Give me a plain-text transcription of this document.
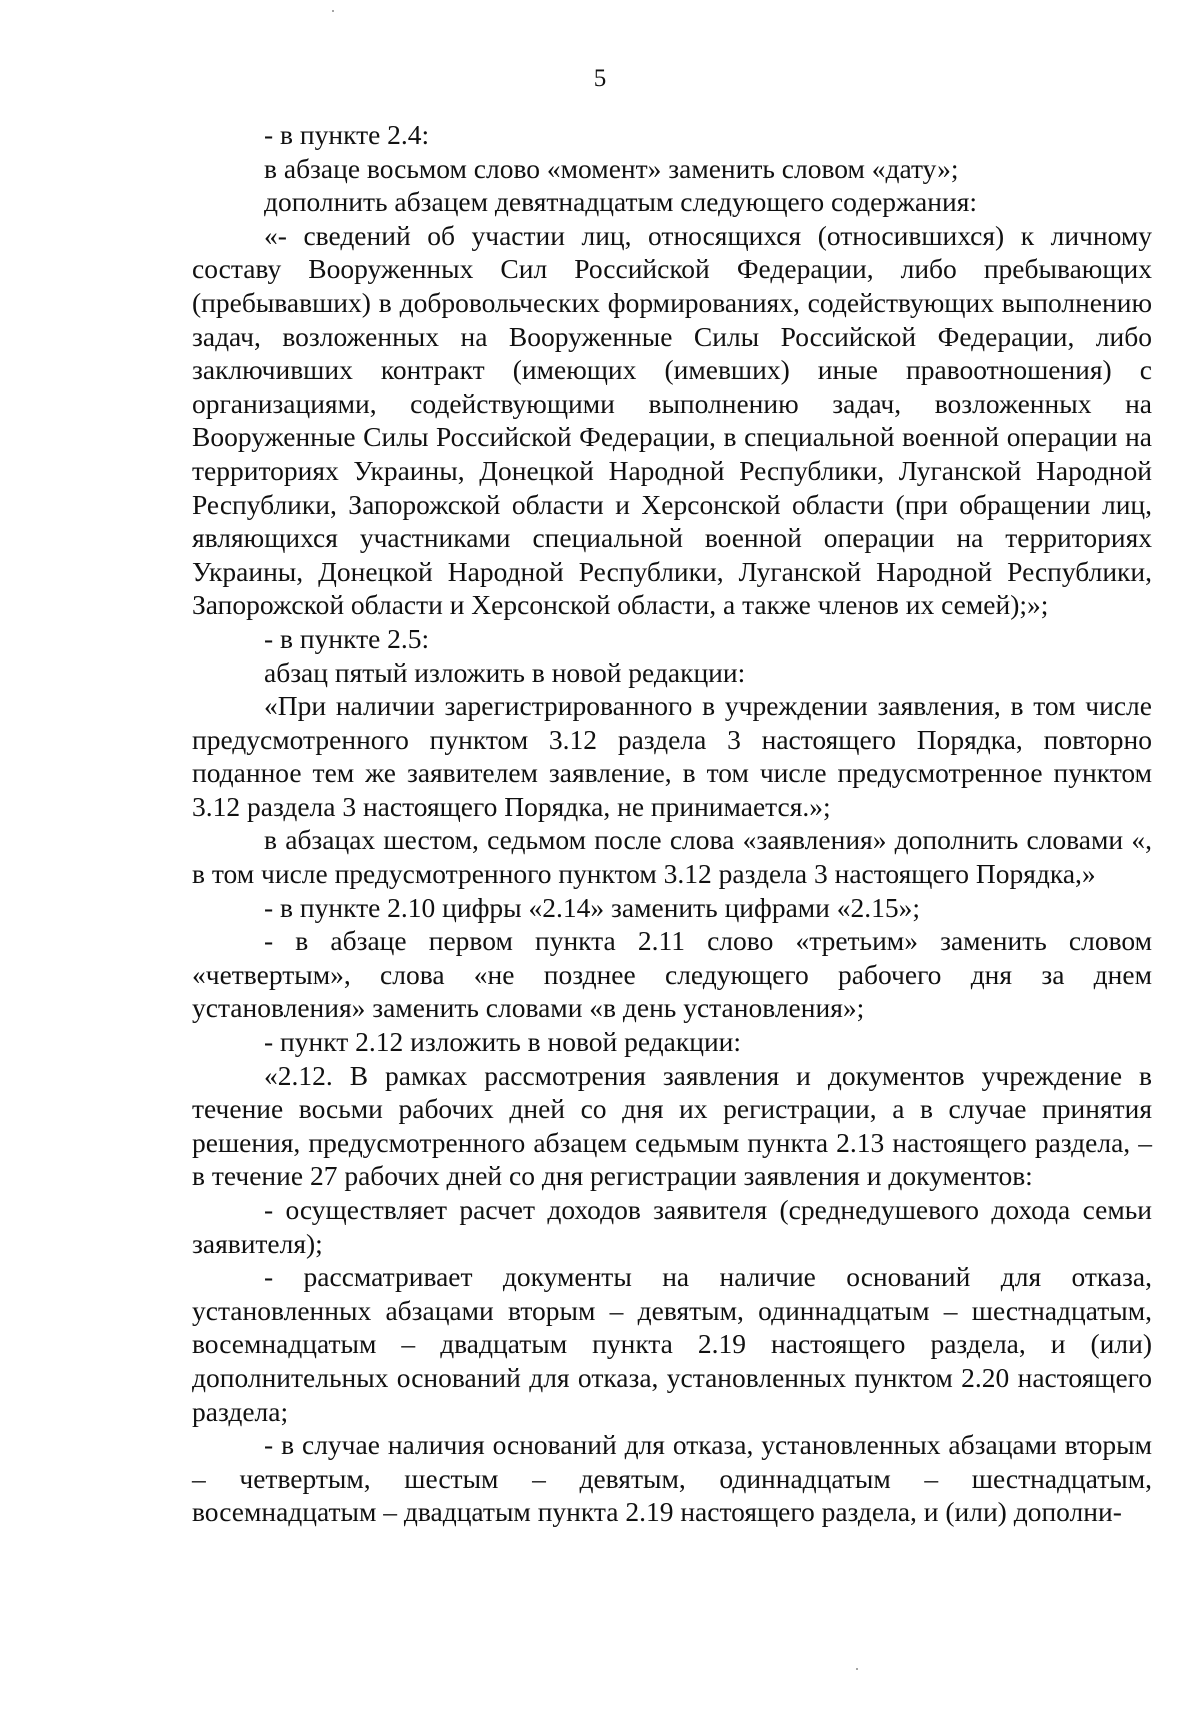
5

- в пункте 2.4:

в абзаце восьмом слово «момент» заменить словом «дату»;

дополнить абзацем девятнадцатым следующего содержания:

«- сведений об участии лиц, относящихся (относившихся) к личному составу Вооруженных Сил Российской Федерации, либо пребывающих (пребывавших) в добровольческих формированиях, содействующих выполнению задач, возложенных на Вооруженные Силы Российской Федерации, либо заключивших контракт (имеющих (имевших) иные правоотношения) с организациями, содействующими выполнению задач, возложенных на Вооруженные Силы Российской Федерации, в специальной военной операции на территориях Украины, Донецкой Народной Республики, Луганской Народной Республики, Запорожской области и Херсонской области (при обращении лиц, являющихся участниками специальной военной операции на территориях Украины, Донецкой Народной Республики, Луганской Народной Республики, Запорожской области и Херсонской области, а также членов их семей);»;

- в пункте 2.5:

абзац пятый изложить в новой редакции:

«При наличии зарегистрированного в учреждении заявления, в том числе предусмотренного пунктом 3.12 раздела 3 настоящего Порядка, повторно поданное тем же заявителем заявление, в том числе предусмотренное пунктом 3.12 раздела 3 настоящего Порядка, не принимается.»;

в абзацах шестом, седьмом после слова «заявления» дополнить словами «, в том числе предусмотренного пунктом 3.12 раздела 3 настоящего Порядка,»

- в пункте 2.10 цифры «2.14» заменить цифрами «2.15»;

- в абзаце первом пункта 2.11 слово «третьим» заменить словом «четвертым», слова «не позднее следующего рабочего дня за днем установления» заменить словами «в день установления»;

- пункт 2.12 изложить в новой редакции:

«2.12. В рамках рассмотрения заявления и документов учреждение в течение восьми рабочих дней со дня их регистрации, а в случае принятия решения, предусмотренного абзацем седьмым пункта 2.13 настоящего раздела, – в течение 27 рабочих дней со дня регистрации заявления и документов:

- осуществляет расчет доходов заявителя (среднедушевого дохода семьи заявителя);

- рассматривает документы на наличие оснований для отказа, установленных абзацами вторым – девятым, одиннадцатым – шестнадцатым, восемнадцатым – двадцатым пункта 2.19 настоящего раздела, и (или) дополнительных оснований для отказа, установленных пунктом 2.20 настоящего раздела;

- в случае наличия оснований для отказа, установленных абзацами вторым – четвертым, шестым – девятым, одиннадцатым – шестнадцатым, восемнадцатым – двадцатым пункта 2.19 настоящего раздела, и (или) дополни-
